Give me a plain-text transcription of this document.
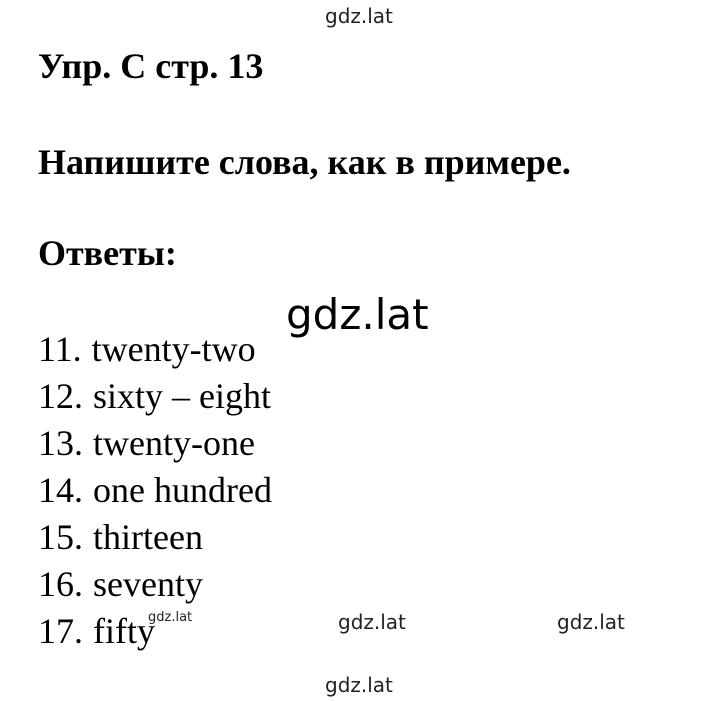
gdz.lat
Упр. С стр. 13
Напишите слова, как в примере.
Ответы:
11. twenty-two
12. sixty – eight
13. twenty-one
14. one hundred
15. thirteen
16. seventy
17. fifty
gdz.lat
gdz.lat	gdz.lat	gdz.lat
gdz.lat
